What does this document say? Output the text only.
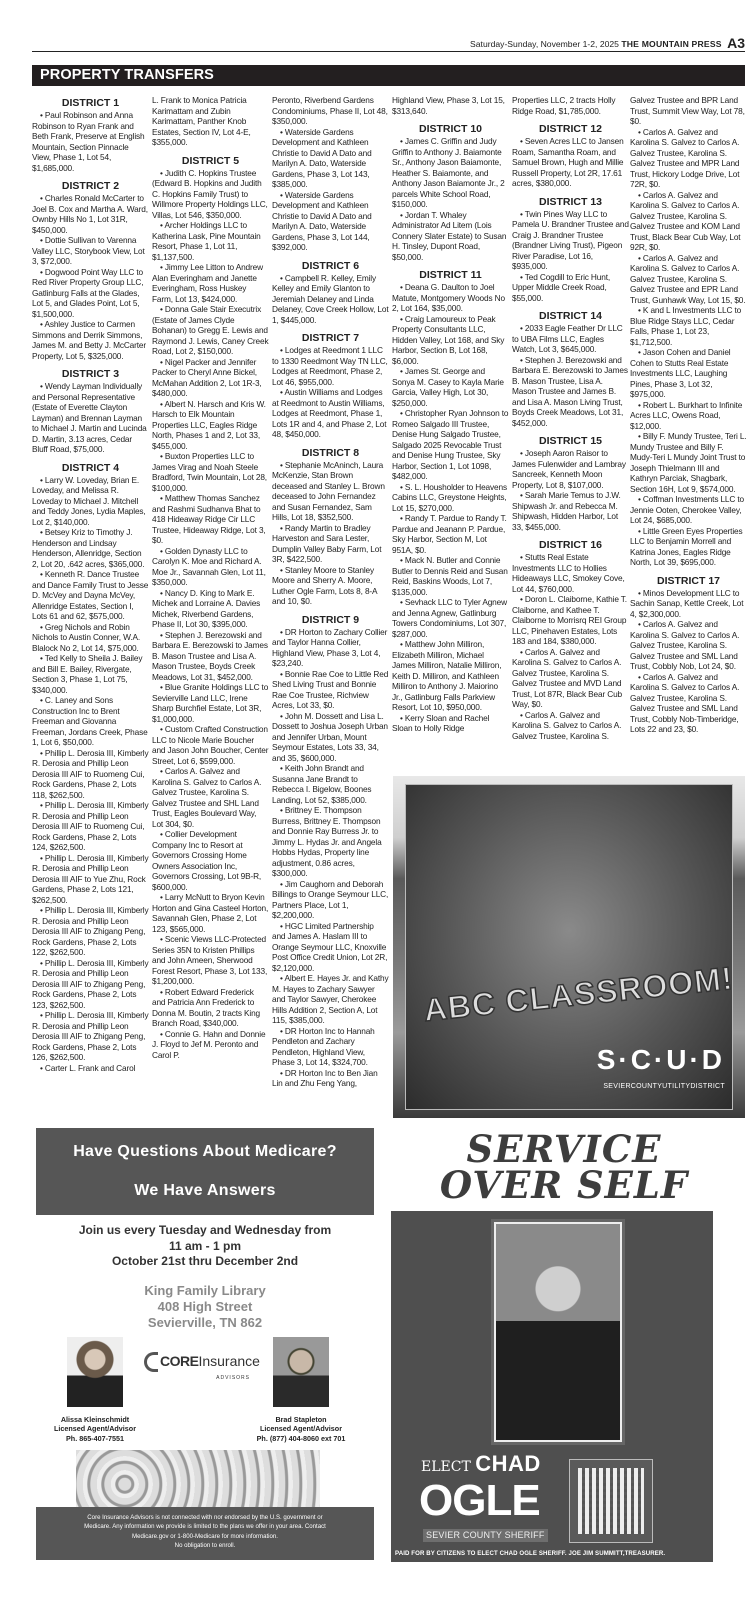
Saturday-Sunday, November 1-2, 2025 THE MOUNTAIN PRESS A3
PROPERTY TRANSFERS
DISTRICT 1

• Paul Robinson and Anna Robinson to Ryan Frank and Beth Frank, Preserve at English Mountain, Section Pinnacle View, Phase 1, Lot 54, $1,685,000.

DISTRICT 2

• Charles Ronald McCarter to Joel B. Cox and Martha A. Ward, Ownby Hills No 1, Lot 31R, $450,000.

• Dottie Sullivan to Varenna Valley LLC, Storybook View, Lot 3, $72,000.

• Dogwood Point Way LLC to Red River Property Group LLC, Gatlinburg Falls at the Glades, Lot 5, and Glades Point, Lot 5, $1,500,000.

• Ashley Justice to Carmen Simmons and Derrik Simmons, James M. and Betty J. McCarter Property, Lot 5, $325,000.

DISTRICT 3

• Wendy Layman Individually and Personal Representative (Estate of Everette Clayton Layman) and Brennan Layman to Michael J. Martin and Lucinda D. Martin, 3.13 acres, Cedar Bluff Road, $75,000.

DISTRICT 4

• Larry W. Loveday, Brian E. Loveday, and Melissa R. Loveday to Michael J. Mitchell and Teddy Jones, Lydia Maples, Lot 2, $140,000.

• Betsey Kriz to Timothy J. Henderson and Lindsay Henderson, Allenridge, Section 2, Lot 20, .642 acres, $365,000.

• Kenneth R. Dance Trustee and Dance Family Trust to Jesse D. McVey and Dayna McVey, Allenridge Estates, Section I, Lots 61 and 62, $575,000.

• Greg Nichols and Robin Nichols to Austin Conner, W.A. Blalock No 2, Lot 14, $75,000.

• Ted Kelly to Sheila J. Bailey and Bill E. Bailey, Rivergate, Section 3, Phase 1, Lot 75, $340,000.

• C. Laney and Sons Construction Inc to Brent Freeman and Giovanna Freeman, Jordans Creek, Phase 1, Lot 6, $50,000.

• Phillip L. Derosia III, Kimberly R. Derosia and Phillip Leon Derosia III AIF to Ruomeng Cui, Rock Gardens, Phase 2, Lots 118, $262,500.

• Phillip L. Derosia III, Kimberly R. Derosia and Phillip Leon Derosia III AIF to Ruomeng Cui, Rock Gardens, Phase 2, Lots 124, $262,500.

• Phillip L. Derosia III, Kimberly R. Derosia and Phillip Leon Derosia III AIF to Yue Zhu, Rock Gardens, Phase 2, Lots 121, $262,500.

• Phillip L. Derosia III, Kimberly R. Derosia and Phillip Leon Derosia III AIF to Zhigang Peng, Rock Gardens, Phase 2, Lots 122, $262,500.

• Phillip L. Derosia III, Kimberly R. Derosia and Phillip Leon Derosia III AIF to Zhigang Peng, Rock Gardens, Phase 2, Lots 123, $262,500.

• Phillip L. Derosia III, Kimberly R. Derosia and Phillip Leon Derosia III AIF to Zhigang Peng, Rock Gardens, Phase 2, Lots 126, $262,500.

• Carter L. Frank and Carol

L. Frank to Monica Patricia Karimattam and Zubin Karimattam, Panther Knob Estates, Section IV, Lot 4-E, $355,000.

DISTRICT 5

• Judith C. Hopkins Trustee (Edward B. Hopkins and Judith C. Hopkins Family Trust) to Willmore Property Holdings LLC, Villas, Lot 546, $350,000.

• Archer Holdings LLC to Katherina Lask, Pine Mountain Resort, Phase 1, Lot 11, $1,137,500.

• Jimmy Lee Litton to Andrew Alan Everingham and Janette Everingham, Ross Huskey Farm, Lot 13, $424,000.

• Donna Gale Stair Executrix (Estate of James Clyde Bohanan) to Gregg E. Lewis and Raymond J. Lewis, Caney Creek Road, Lot 2, $150,000.

• Nigel Packer and Jennifer Packer to Cheryl Anne Bickel, McMahan Addition 2, Lot 1R-3, $480,000.

• Albert N. Harsch and Kris W. Harsch to Elk Mountain Properties LLC, Eagles Ridge North, Phases 1 and 2, Lot 33, $455,000.

• Buxton Properties LLC to James Virag and Noah Steele Bradford, Twin Mountain, Lot 28, $100,000.

• Matthew Thomas Sanchez and Rashmi Sudhanva Bhat to 418 Hideaway Ridge Cir LLC Trustee, Hideaway Ridge, Lot 3, $0.

• Golden Dynasty LLC to Carolyn K. Moe and Richard A. Moe Jr., Savannah Glen, Lot 11, $350,000.

• Nancy D. King to Mark E. Michek and Lorraine A. Davies Michek, Riverbend Gardens, Phase II, Lot 30, $395,000.

• Stephen J. Berezowski and Barbara E. Berezowski to James B. Mason Trustee and Lisa A. Mason Trustee, Boyds Creek Meadows, Lot 31, $452,000.

• Blue Granite Holdings LLC to Sevierville Land LLC, Irene Sharp Burchfiel Estate, Lot 3R, $1,000,000.

• Custom Crafted Construction LLC to Nicole Marie Boucher and Jason John Boucher, Center Street, Lot 6, $599,000.

• Carlos A. Galvez and Karolina S. Galvez to Carlos A. Galvez Trustee, Karolina S. Galvez Trustee and SHL Land Trust, Eagles Boulevard Way, Lot 304, $0.

• Collier Development Company Inc to Resort at Governors Crossing Home Owners Association Inc, Governors Crossing, Lot 9B-R, $600,000.

• Larry McNutt to Bryon Kevin Horton and Gina Casteel Horton, Savannah Glen, Phase 2, Lot 123, $565,000.

• Scenic Views LLC-Protected Series 35N to Kristen Phillips and John Ameen, Sherwood Forest Resort, Phase 3, Lot 133, $1,200,000.

• Robert Edward Frederick and Patricia Ann Frederick to Donna M. Boutin, 2 tracts King Branch Road, $340,000.

• Connie G. Hahn and Donnie J. Floyd to Jef M. Peronto and Carol P.

Peronto, Riverbend Gardens Condominiums, Phase II, Lot 48, $350,000.

• Waterside Gardens Development and Kathleen Christie to David A Dato and Marilyn A. Dato, Waterside Gardens, Phase 3, Lot 143, $385,000.

• Waterside Gardens Development and Kathleen Christie to David A Dato and Marilyn A. Dato, Waterside Gardens, Phase 3, Lot 144, $392,000.

DISTRICT 6

• Campbell R. Kelley, Emily Kelley and Emily Glanton to Jeremiah Delaney and Linda Delaney, Cove Creek Hollow, Lot 1, $445,000.

DISTRICT 7

• Lodges at Reedmont 1 LLC to 1330 Reedmont Way TN LLC, Lodges at Reedmont, Phase 2, Lot 46, $955,000.

• Austin Williams and Lodges at Reedmont to Austin Williams, Lodges at Reedmont, Phase 1, Lots 1R and 4, and Phase 2, Lot 48, $450,000.

DISTRICT 8

• Stephanie McAninch, Laura McKenzie, Stan Brown deceased and Stanley L. Brown deceased to John Fernandez and Susan Fernandez, Sam Hills, Lot 18, $352,500.

• Randy Martin to Bradley Harveston and Sara Lester, Dumplin Valley Baby Farm, Lot 3R, $422,500.

• Stanley Moore to Stanley Moore and Sherry A. Moore, Luther Ogle Farm, Lots 8, 8-A and 10, $0.

DISTRICT 9

• DR Horton to Zachary Collier and Taylor Hanna Collier, Highland View, Phase 3, Lot 4, $23,240.

• Bonnie Rae Coe to Little Red Shed Living Trust and Bonnie Rae Coe Trustee, Richview Acres, Lot 33, $0.

• John M. Dossett and Lisa L. Dossett to Joshua Joseph Urban and Jennifer Urban, Mount Seymour Estates, Lots 33, 34, and 35, $600,000.

• Keith John Brandt and Susanna Jane Brandt to Rebecca I. Bigelow, Boones Landing, Lot 52, $385,000.

• Brittney E. Thompson Burress, Brittney E. Thompson and Donnie Ray Burress Jr. to Jimmy L. Hydas Jr. and Angela Hobbs Hydas, Property line adjustment, 0.86 acres, $300,000.

• Jim Caughorn and Deborah Billings to Orange Seymour LLC, Partners Place, Lot 1, $2,200,000.

• HGC Limited Partnership and James A. Haslam III to Orange Seymour LLC, Knoxville Post Office Credit Union, Lot 2R, $2,120,000.

• Albert E. Hayes Jr. and Kathy M. Hayes to Zachary Sawyer and Taylor Sawyer, Cherokee Hills Addition 2, Section A, Lot 115, $385,000.

• DR Horton Inc to Hannah Pendleton and Zachary Pendleton, Highland View, Phase 3, Lot 14, $324,700.

• DR Horton Inc to Ben Jian Lin and Zhu Feng Yang,

Highland View, Phase 3, Lot 15, $313,640.

DISTRICT 10

• James C. Griffin and Judy Griffin to Anthony J. Baiamonte Sr., Anthony Jason Baiamonte, Heather S. Baiamonte, and Anthony Jason Baiamonte Jr., 2 parcels White School Road, $150,000.

• Jordan T. Whaley Administrator Ad Litem (Lois Connery Slater Estate) to Susan H. Tinsley, Dupont Road, $50,000.

DISTRICT 11

• Deana G. Daulton to Joel Matute, Montgomery Woods No 2, Lot 164, $35,000.

• Craig Lamoureux to Peak Property Consultants LLC, Hidden Valley, Lot 168, and Sky Harbor, Section B, Lot 168, $6,000.

• James St. George and Sonya M. Casey to Kayla Marie Garcia, Valley High, Lot 30, $250,000.

• Christopher Ryan Johnson to Romeo Salgado III Trustee, Denise Hung Salgado Trustee, Salgado 2025 Revocable Trust and Denise Hung Trustee, Sky Harbor, Section 1, Lot 1098, $482,000.

• S. L. Housholder to Heavens Cabins LLC, Greystone Heights, Lot 15, $270,000.

• Randy T. Pardue to Randy T. Pardue and Jeanann P. Pardue, Sky Harbor, Section M, Lot 951A, $0.

• Mack N. Butler and Connie Butler to Dennis Reid and Susan Reid, Baskins Woods, Lot 7, $135,000.

• Sevhack LLC to Tyler Agnew and Jenna Agnew, Gatlinburg Towers Condominiums, Lot 307, $287,000.

• Matthew John Milliron, Elizabeth Milliron, Michael James Milliron, Natalie Milliron, Keith D. Milliron, and Kathleen Milliron to Anthony J. Maiorino Jr., Gatlinburg Falls Parkview Resort, Lot 10, $950,000.

• Kerry Sloan and Rachel Sloan to Holly Ridge

Properties LLC, 2 tracts Holly Ridge Road, $1,785,000.

DISTRICT 12

• Seven Acres LLC to Jansen Roam, Samantha Roam, and Samuel Brown, Hugh and Millie Russell Property, Lot 2R, 17.61 acres, $380,000.

DISTRICT 13

• Twin Pines Way LLC to Pamela U. Brandner Trustee and Craig J. Brandner Trustee (Brandner Living Trust), Pigeon River Paradise, Lot 16, $935,000.

• Ted Cogdill to Eric Hunt, Upper Middle Creek Road, $55,000.

DISTRICT 14

• 2033 Eagle Feather Dr LLC to UBA Films LLC, Eagles Watch, Lot 3, $645,000.

• Stephen J. Berezowski and Barbara E. Berezowski to James B. Mason Trustee, Lisa A. Mason Trustee and James B. and Lisa A. Mason Living Trust, Boyds Creek Meadows, Lot 31, $452,000.

DISTRICT 15

• Joseph Aaron Raisor to James Fulenwider and Lambray Sancreek, Kenneth Moon Property, Lot 8, $107,000.

• Sarah Marie Temus to J.W. Shipwash Jr. and Rebecca M. Shipwash, Hidden Harbor, Lot 33, $455,000.

DISTRICT 16

• Stutts Real Estate Investments LLC to Hollies Hideaways LLC, Smokey Cove, Lot 44, $760,000.

• Doron L. Claiborne, Kathie T. Claiborne, and Kathee T. Claiborne to Morrisrq REI Group LLC, Pinehaven Estates, Lots 183 and 184, $380,000.

• Carlos A. Galvez and Karolina S. Galvez to Carlos A. Galvez Trustee, Karolina S. Galvez Trustee and MVD Land Trust, Lot 87R, Black Bear Cub Way, $0.

• Carlos A. Galvez and Karolina S. Galvez to Carlos A. Galvez Trustee, Karolina S.

Galvez Trustee and BPR Land Trust, Summit View Way, Lot 78, $0.

• Carlos A. Galvez and Karolina S. Galvez to Carlos A. Galvez Trustee, Karolina S. Galvez Trustee and MPR Land Trust, Hickory Lodge Drive, Lot 72R, $0.

• Carlos A. Galvez and Karolina S. Galvez to Carlos A. Galvez Trustee, Karolina S. Galvez Trustee and KOM Land Trust, Black Bear Cub Way, Lot 92R, $0.

• Carlos A. Galvez and Karolina S. Galvez to Carlos A. Galvez Trustee, Karolina S. Galvez Trustee and EPR Land Trust, Gunhawk Way, Lot 15, $0.

• K and L Investments LLC to Blue Ridge Stays LLC, Cedar Falls, Phase 1, Lot 23, $1,712,500.

• Jason Cohen and Daniel Cohen to Stutts Real Estate Investments LLC, Laughing Pines, Phase 3, Lot 32, $975,000.

• Robert L. Burkhart to Infinite Acres LLC, Owens Road, $12,000.

• Billy F. Mundy Trustee, Teri L. Mundy Trustee and Billy F. Mudy-Teri L Mundy Joint Trust to Joseph Thielmann III and Kathryn Parciak, Shagbark, Section 16H, Lot 9, $574,000.

• Coffman Investments LLC to Jennie Ooten, Cherokee Valley, Lot 24, $685,000.

• Little Green Eyes Properties LLC to Benjamin Morrell and Katrina Jones, Eagles Ridge North, Lot 39, $695,000.

DISTRICT 17

• Minos Development LLC to Sachin Sanap, Kettle Creek, Lot 4, $2,300,000.

• Carlos A. Galvez and Karolina S. Galvez to Carlos A. Galvez Trustee, Karolina S. Galvez Trustee and SML Land Trust, Cobbly Nob, Lot 24, $0.

• Carlos A. Galvez and Karolina S. Galvez to Carlos A. Galvez Trustee, Karolina S. Galvez Trustee and SML Land Trust, Cobbly Nob-Timberidge, Lots 22 and 23, $0.

ABC CLASSROOM!
S·C·U·D
SEVIERCOUNTYUTILITYDISTRICT
Have Questions About Medicare?
We Have Answers
Join us every Tuesday and Wednesday from
11 am - 1 pm
October 21st thru December 2nd
King Family Library
408 High Street
Sevierville, TN 862
COREInsurance
ADVISORS
Alissa Kleinschmidt
Licensed Agent/Advisor
Ph. 865-407-7551
Brad Stapleton
Licensed Agent/Advisor
Ph. (877) 404-8060 ext 701
Core Insurance Advisors is not connected with nor endorsed by the U.S. government or
Medicare. Any information we provide is limited to the plans we offer in your area. Contact
Medicare.gov or 1-800-Medicare for more information.
No obligation to enroll.
SERVICE
OVER SELF
ELECT CHAD
OGLE
SEVIER COUNTY SHERIFF
PAID FOR BY CITIZENS TO ELECT CHAD OGLE SHERIFF. JOE JIM SUMMITT,TREASURER.
